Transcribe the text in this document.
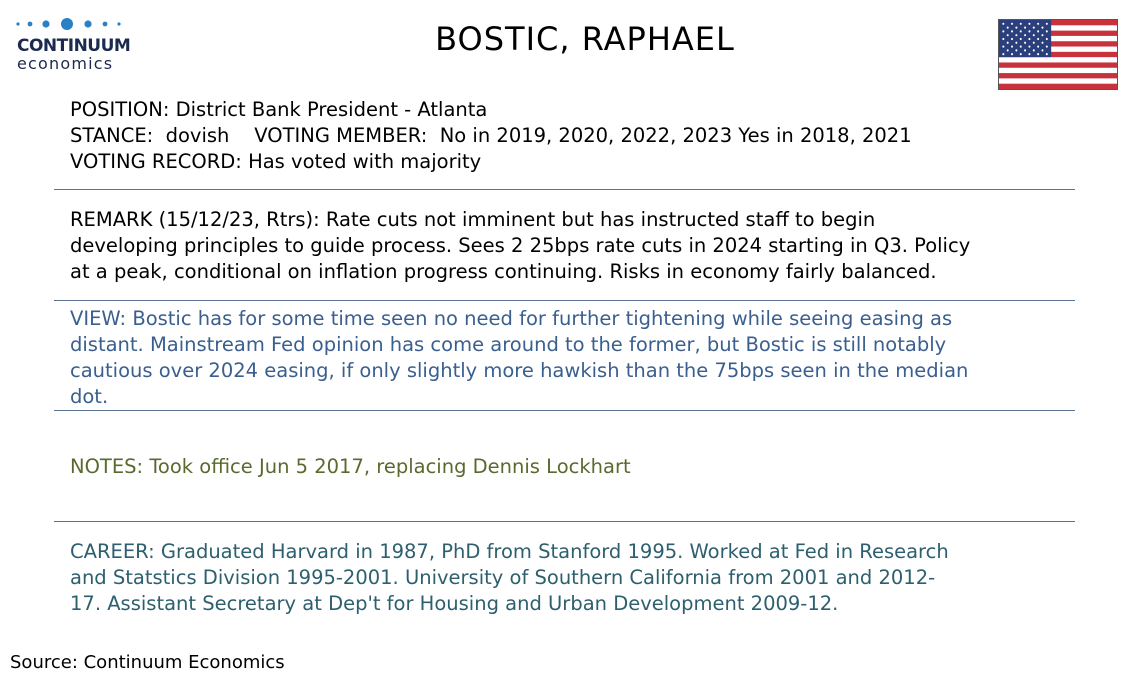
CONTINUUM
economics
BOSTIC, RAPHAEL
POSITION: District Bank President - Atlanta
STANCE: dovish VOTING MEMBER: No in 2019, 2020, 2022, 2023 Yes in 2018, 2021
VOTING RECORD: Has voted with majority
REMARK (15/12/23, Rtrs): Rate cuts not imminent but has instructed staff to begin
developing principles to guide process. Sees 2 25bps rate cuts in 2024 starting in Q3. Policy
at a peak, conditional on inflation progress continuing. Risks in economy fairly balanced.
VIEW: Bostic has for some time seen no need for further tightening while seeing easing as
distant. Mainstream Fed opinion has come around to the former, but Bostic is still notably
cautious over 2024 easing, if only slightly more hawkish than the 75bps seen in the median
dot.
NOTES: Took office Jun 5 2017, replacing Dennis Lockhart
CAREER: Graduated Harvard in 1987, PhD from Stanford 1995. Worked at Fed in Research
and Statstics Division 1995-2001. University of Southern California from 2001 and 2012-
17. Assistant Secretary at Dep't for Housing and Urban Development 2009-12.
Source: Continuum Economics
